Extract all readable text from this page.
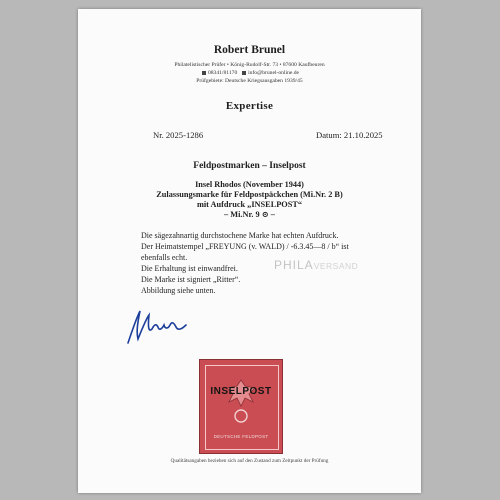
Robert Brunel
Philatelistischer Prüfer • König-Rudolf-Str. 73 • 87600 Kaufbeuren
08341/81170 info@brunel-online.de
Prüfgebiete: Deutsche Kriegsausgaben 1939/45
Expertise
Nr. 2025-1286	Datum: 21.10.2025
Feldpostmarken – Inselpost
Insel Rhodos (November 1944)
Zulassungsmarke für Feldpostpäckchen (Mi.Nr. 2 B)
mit Aufdruck „INSELPOST“
– Mi.Nr. 9 ⊙ –
Die sägezahnartig durchstochene Marke hat echten Aufdruck.
Der Heimatstempel „FREYUNG (v. WALD) / -6.3.45—8 / b“ ist
ebenfalls echt.
Die Erhaltung ist einwandfrei.
Die Marke ist signiert „Ritter“.
Abbildung siehe unten.
PHILAVERSAND
INSELPOST
DEUTSCHE FELDPOST
Qualitätsangaben beziehen sich auf den Zustand zum Zeitpunkt der Prüfung
